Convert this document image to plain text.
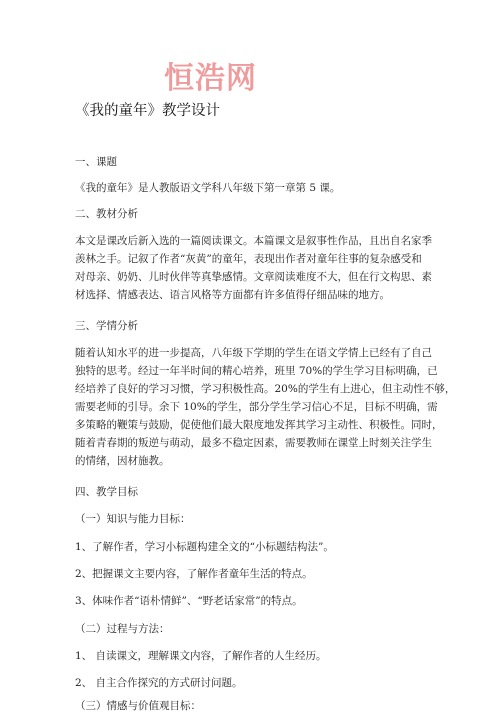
恒浩网
《我的童年》教学设计
一、课题
《我的童年》是人教版语文学科八年级下第一章第 5 课。
二、教材分析
本文是课改后新入选的一篇阅读课文。本篇课文是叙事性作品，且出自名家季
羡林之手。记叙了作者“灰黄”的童年，表现出作者对童年往事的复杂感受和
对母亲、奶奶、儿时伙伴等真挚感情。文章阅读难度不大，但在行文构思、素
材选择、情感表达、语言风格等方面都有许多值得仔细品味的地方。
三、学情分析
随着认知水平的进一步提高，八年级下学期的学生在语文学情上已经有了自己
独特的思考。经过一年半时间的精心培养，班里 70%的学生学习目标明确，已
经培养了良好的学习习惯，学习积极性高。20%的学生有上进心，但主动性不够，
需要老师的引导。余下 10%的学生，部分学生学习信心不足，目标不明确，需
多策略的鞭策与鼓励，促使他们最大限度地发挥其学习主动性、积极性。同时，
随着青春期的叛逆与萌动，最多不稳定因素，需要教师在课堂上时刻关注学生
的情绪，因材施教。
四、教学目标
（一）知识与能力目标：
1、了解作者，学习小标题构建全文的“小标题结构法”。
2、把握课文主要内容，了解作者童年生活的特点。
3、体味作者“语朴情鲜”、“野老话家常”的特点。
（二）过程与方法：
1、 自读课文，理解课文内容，了解作者的人生经历。
2、 自主合作探究的方式研讨问题。
（三）情感与价值观目标：
